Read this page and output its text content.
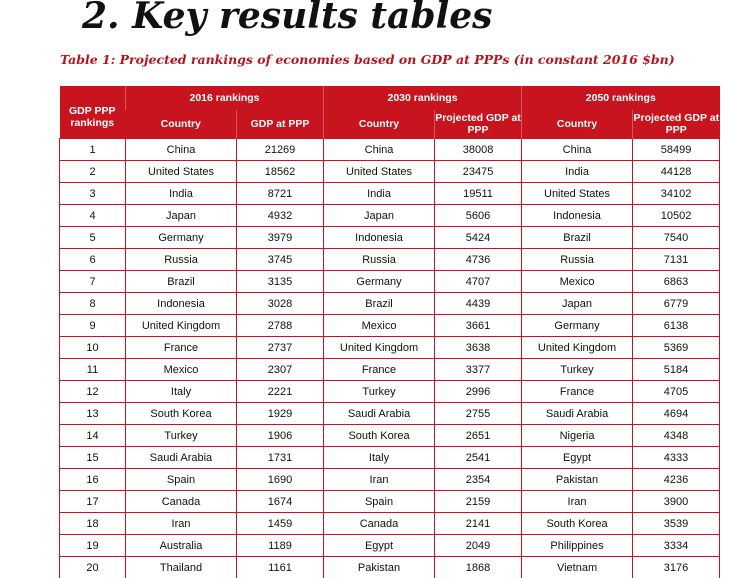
2. Key results tables

Table 1: Projected rankings of economies based on GDP at PPPs (in constant 2016 $bn)

GDP PPP rankings	2016 rankings		2030 rankings		2050 rankings	
	Country	GDP at PPP	Country	Projected GDP at PPP	Country	Projected GDP at PPP
1	China	21269	China	38008	China	58499
2	United States	18562	United States	23475	India	44128
3	India	8721	India	19511	United States	34102
4	Japan	4932	Japan	5606	Indonesia	10502
5	Germany	3979	Indonesia	5424	Brazil	7540
6	Russia	3745	Russia	4736	Russia	7131
7	Brazil	3135	Germany	4707	Mexico	6863
8	Indonesia	3028	Brazil	4439	Japan	6779
9	United Kingdom	2788	Mexico	3661	Germany	6138
10	France	2737	United Kingdom	3638	United Kingdom	5369
11	Mexico	2307	France	3377	Turkey	5184
12	Italy	2221	Turkey	2996	France	4705
13	South Korea	1929	Saudi Arabia	2755	Saudi Arabia	4694
14	Turkey	1906	South Korea	2651	Nigeria	4348
15	Saudi Arabia	1731	Italy	2541	Egypt	4333
16	Spain	1690	Iran	2354	Pakistan	4236
17	Canada	1674	Spain	2159	Iran	3900
18	Iran	1459	Canada	2141	South Korea	3539
19	Australia	1189	Egypt	2049	Philippines	3334
20	Thailand	1161	Pakistan	1868	Vietnam	3176
